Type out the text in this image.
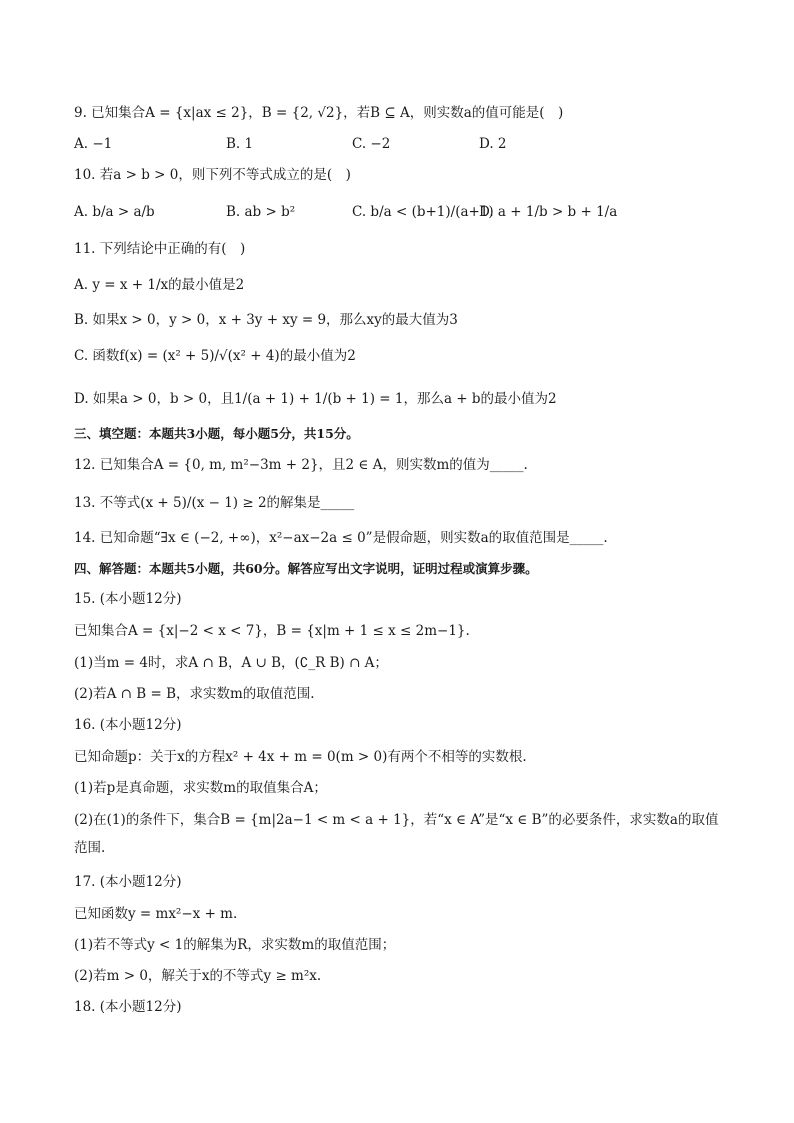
9. 已知集合A = {x|ax ≤ 2}，B = {2, √2}，若B ⊆ A，则实数a的值可能是(　)
A. −1	B. 1	C. −2	D. 2
10. 若a > b > 0，则下列不等式成立的是(　)
A. b/a > a/b	B. ab > b²	C. b/a < (b+1)/(a+1)
D. a + 1/b > b + 1/a
11. 下列结论中正确的有(　)
A. y = x + 1/x的最小值是2
B. 如果x > 0，y > 0，x + 3y + xy = 9，那么xy的最大值为3
C. 函数f(x) = (x² + 5)/√(x² + 4)的最小值为2
D. 如果a > 0，b > 0，且1/(a + 1) + 1/(b + 1) = 1，那么a + b的最小值为2
三、填空题：本题共3小题，每小题5分，共15分。
12. 已知集合A = {0, m, m²−3m + 2}，且2 ∈ A，则实数m的值为_____.
13. 不等式(x + 5)/(x − 1) ≥ 2的解集是_____
14. 已知命题“∃x ∈ (−2, +∞)，x²−ax−2a ≤ 0”是假命题，则实数a的取值范围是_____.
四、解答题：本题共5小题，共60分。解答应写出文字说明，证明过程或演算步骤。
15. (本小题12分)
已知集合A = {x|−2 < x < 7}，B = {x|m + 1 ≤ x ≤ 2m−1}.
(1)当m = 4时，求A ∩ B，A ∪ B，(∁_R B) ∩ A；
(2)若A ∩ B = B，求实数m的取值范围.
16. (本小题12分)
已知命题p：关于x的方程x² + 4x + m = 0(m > 0)有两个不相等的实数根.
(1)若p是真命题，求实数m的取值集合A；
(2)在(1)的条件下，集合B = {m|2a−1 < m < a + 1}，若“x ∈ A”是“x ∈ B”的必要条件，求实数a的取值范围.
17. (本小题12分)
已知函数y = mx²−x + m.
(1)若不等式y < 1的解集为R，求实数m的取值范围；
(2)若m > 0，解关于x的不等式y ≥ m²x.
18. (本小题12分)
